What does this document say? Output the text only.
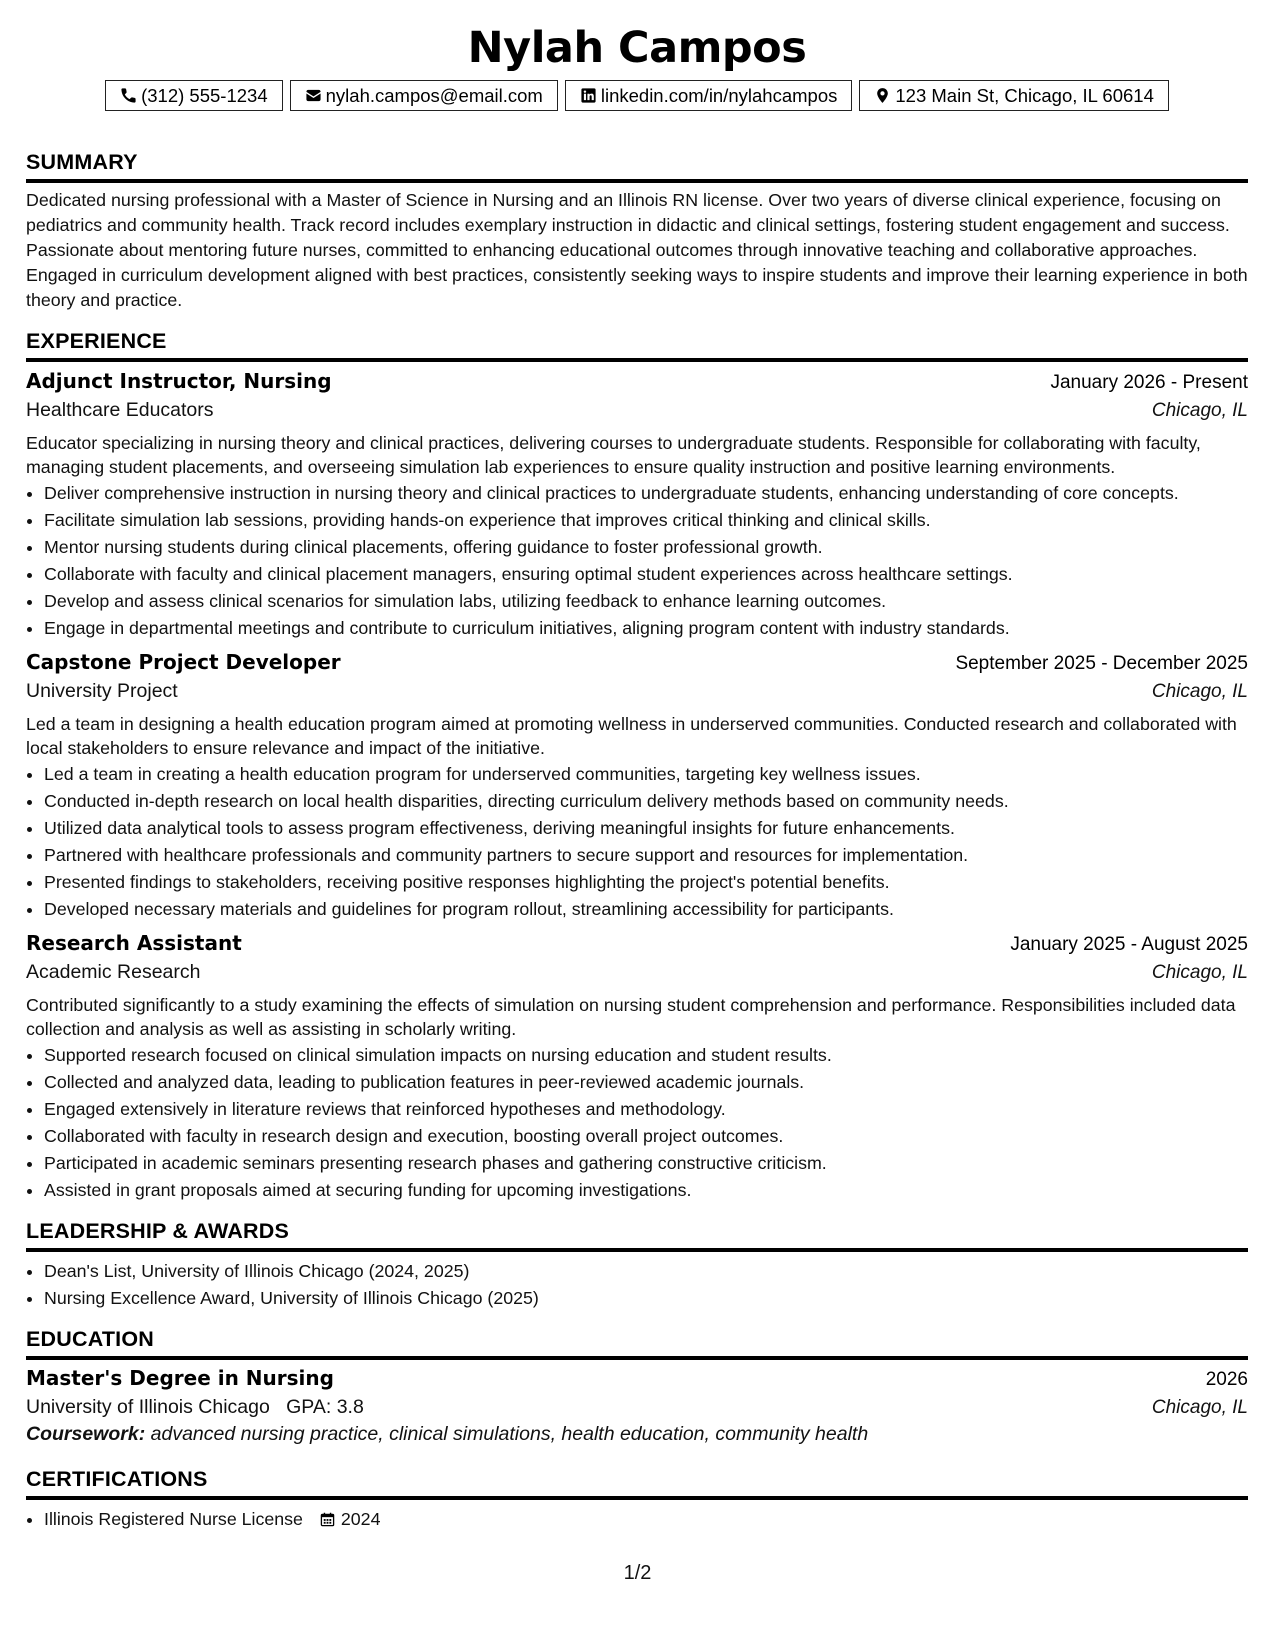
Nylah Campos
(312) 555-1234	nylah.campos@email.com	linkedin.com/in/nylahcampos	123 Main St, Chicago, IL 60614
SUMMARY
Dedicated nursing professional with a Master of Science in Nursing and an Illinois RN license. Over two years of diverse clinical experience, focusing on pediatrics and community health. Track record includes exemplary instruction in didactic and clinical settings, fostering student engagement and success. Passionate about mentoring future nurses, committed to enhancing educational outcomes through innovative teaching and collaborative approaches. Engaged in curriculum development aligned with best practices, consistently seeking ways to inspire students and improve their learning experience in both theory and practice.
EXPERIENCE
Adjunct Instructor, Nursing	January 2026 - Present
Healthcare Educators	Chicago, IL
Educator specializing in nursing theory and clinical practices, delivering courses to undergraduate students. Responsible for collaborating with faculty, managing student placements, and overseeing simulation lab experiences to ensure quality instruction and positive learning environments.
• Deliver comprehensive instruction in nursing theory and clinical practices to undergraduate students, enhancing understanding of core concepts.
• Facilitate simulation lab sessions, providing hands-on experience that improves critical thinking and clinical skills.
• Mentor nursing students during clinical placements, offering guidance to foster professional growth.
• Collaborate with faculty and clinical placement managers, ensuring optimal student experiences across healthcare settings.
• Develop and assess clinical scenarios for simulation labs, utilizing feedback to enhance learning outcomes.
• Engage in departmental meetings and contribute to curriculum initiatives, aligning program content with industry standards.
Capstone Project Developer	September 2025 - December 2025
University Project	Chicago, IL
Led a team in designing a health education program aimed at promoting wellness in underserved communities. Conducted research and collaborated with local stakeholders to ensure relevance and impact of the initiative.
• Led a team in creating a health education program for underserved communities, targeting key wellness issues.
• Conducted in-depth research on local health disparities, directing curriculum delivery methods based on community needs.
• Utilized data analytical tools to assess program effectiveness, deriving meaningful insights for future enhancements.
• Partnered with healthcare professionals and community partners to secure support and resources for implementation.
• Presented findings to stakeholders, receiving positive responses highlighting the project's potential benefits.
• Developed necessary materials and guidelines for program rollout, streamlining accessibility for participants.
Research Assistant	January 2025 - August 2025
Academic Research	Chicago, IL
Contributed significantly to a study examining the effects of simulation on nursing student comprehension and performance. Responsibilities included data collection and analysis as well as assisting in scholarly writing.
• Supported research focused on clinical simulation impacts on nursing education and student results.
• Collected and analyzed data, leading to publication features in peer-reviewed academic journals.
• Engaged extensively in literature reviews that reinforced hypotheses and methodology.
• Collaborated with faculty in research design and execution, boosting overall project outcomes.
• Participated in academic seminars presenting research phases and gathering constructive criticism.
• Assisted in grant proposals aimed at securing funding for upcoming investigations.
LEADERSHIP & AWARDS
• Dean's List, University of Illinois Chicago (2024, 2025)
• Nursing Excellence Award, University of Illinois Chicago (2025)
EDUCATION
Master's Degree in Nursing	2026
University of Illinois Chicago GPA: 3.8	Chicago, IL
Coursework: advanced nursing practice, clinical simulations, health education, community health
CERTIFICATIONS
• Illinois Registered Nurse License
2024
1/2
